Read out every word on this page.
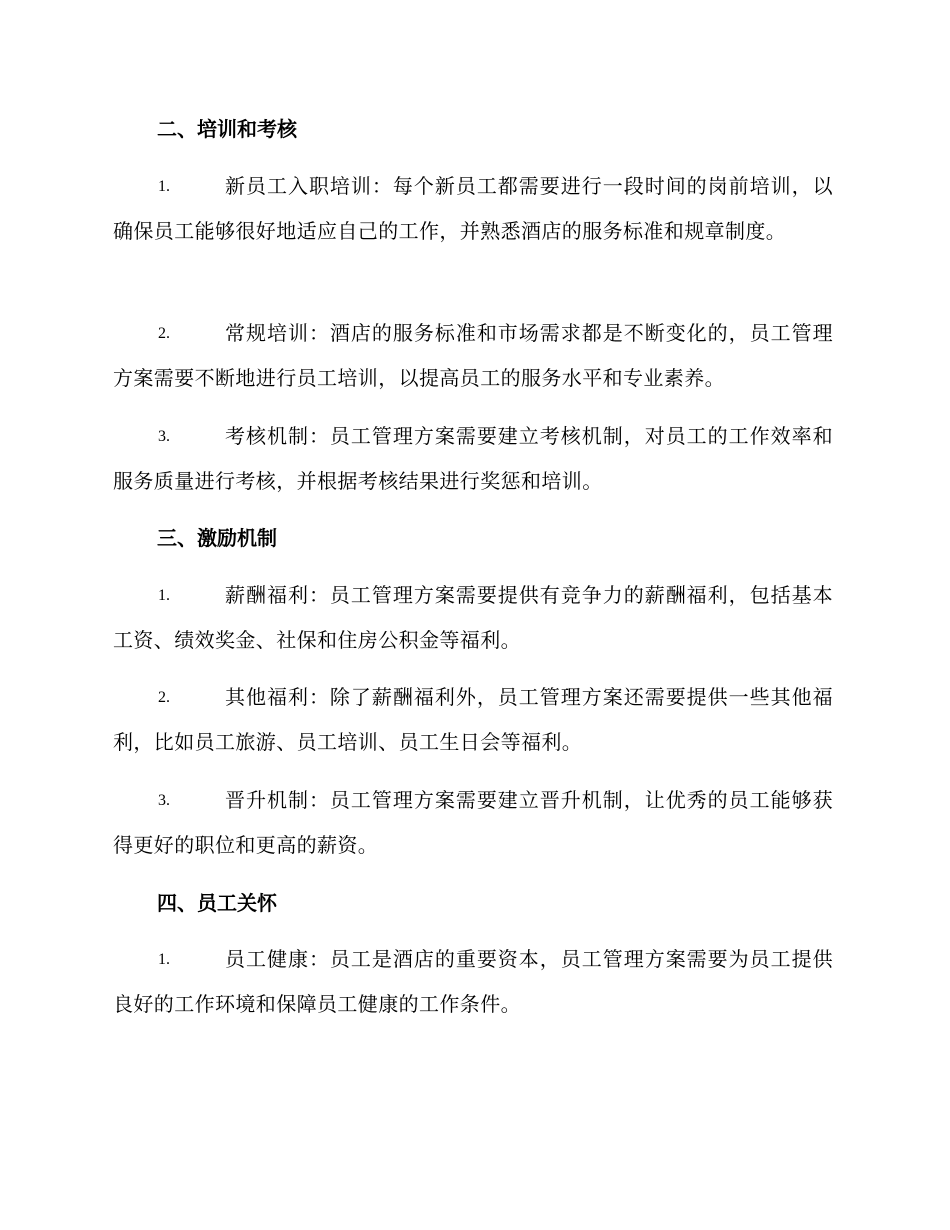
二、培训和考核
1.	新员工入职培训：每个新员工都需要进行一段时间的岗前培训，以确保员工能够很好地适应自己的工作，并熟悉酒店的服务标准和规章制度。
2.	常规培训：酒店的服务标准和市场需求都是不断变化的，员工管理方案需要不断地进行员工培训，以提高员工的服务水平和专业素养。
3.	考核机制：员工管理方案需要建立考核机制，对员工的工作效率和服务质量进行考核，并根据考核结果进行奖惩和培训。
三、激励机制
1.	薪酬福利：员工管理方案需要提供有竞争力的薪酬福利，包括基本工资、绩效奖金、社保和住房公积金等福利。
2.	其他福利：除了薪酬福利外，员工管理方案还需要提供一些其他福利，比如员工旅游、员工培训、员工生日会等福利。
3.	晋升机制：员工管理方案需要建立晋升机制，让优秀的员工能够获得更好的职位和更高的薪资。
四、员工关怀
1.	员工健康：员工是酒店的重要资本，员工管理方案需要为员工提供良好的工作环境和保障员工健康的工作条件。
